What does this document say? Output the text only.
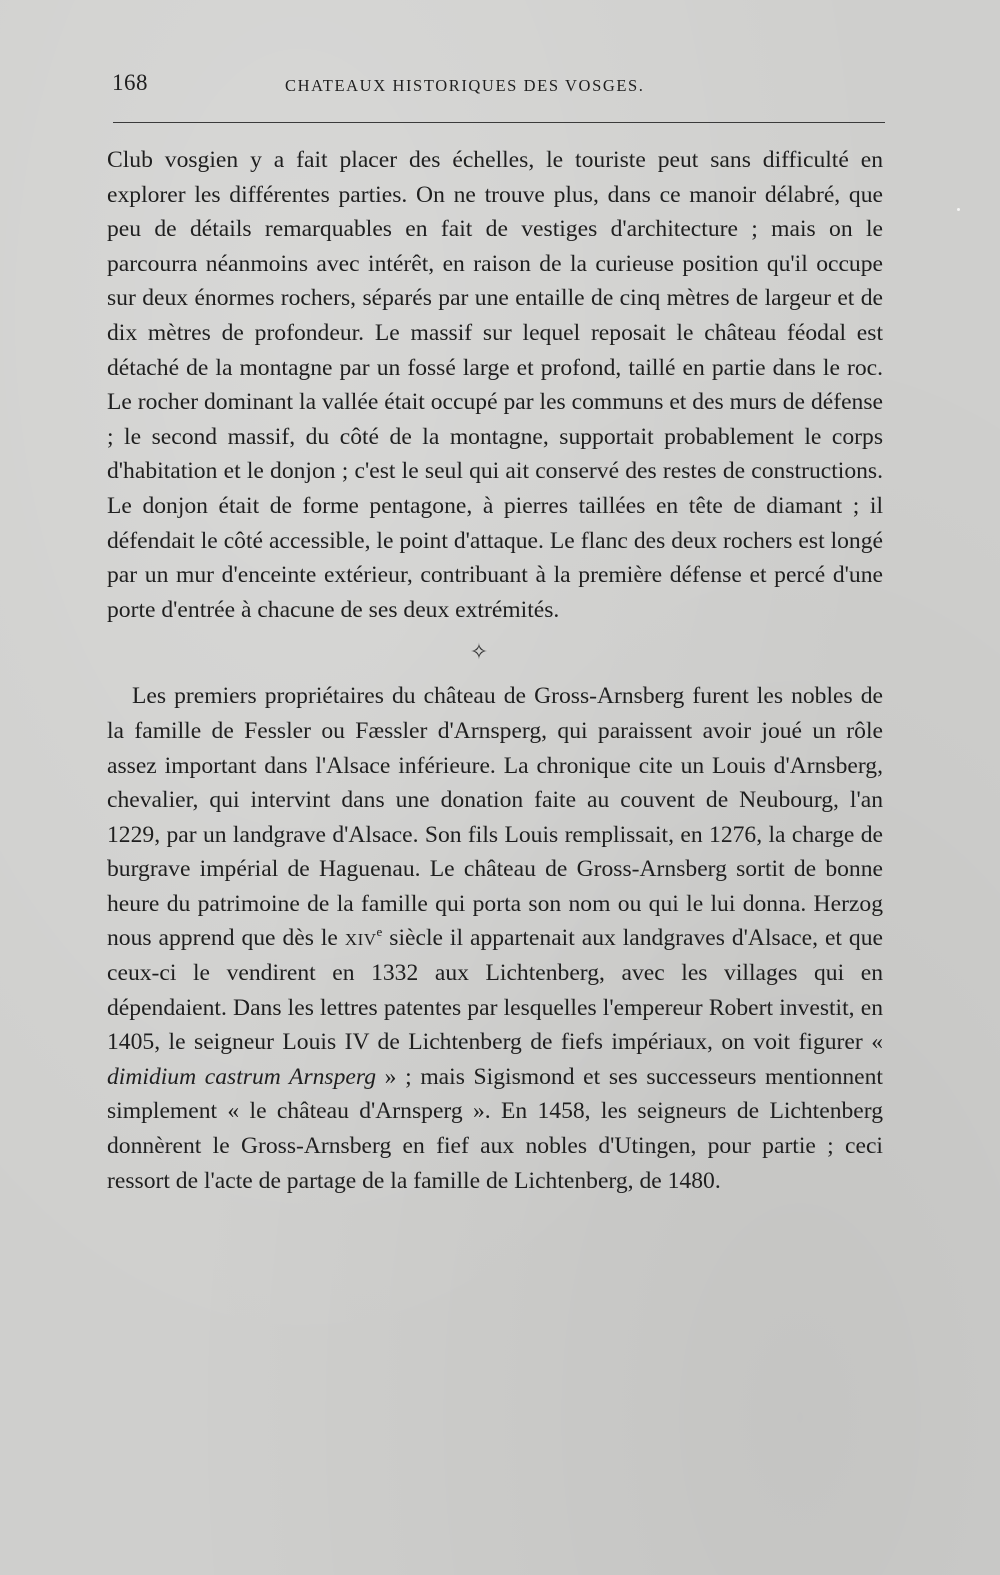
168	CHATEAUX HISTORIQUES DES VOSGES.

Club vosgien y a fait placer des échelles, le touriste peut sans difficulté en explorer les différentes parties. On ne trouve plus, dans ce manoir délabré, que peu de détails remarquables en fait de vestiges d'architecture ; mais on le parcourra néanmoins avec intérêt, en raison de la curieuse position qu'il occupe sur deux énormes rochers, séparés par une entaille de cinq mètres de largeur et de dix mètres de profondeur. Le massif sur lequel reposait le château féodal est détaché de la montagne par un fossé large et profond, taillé en partie dans le roc. Le rocher dominant la vallée était occupé par les communs et des murs de défense ; le second massif, du côté de la montagne, supportait probablement le corps d'habitation et le donjon ; c'est le seul qui ait conservé des restes de constructions. Le donjon était de forme pentagone, à pierres taillées en tête de diamant ; il défendait le côté accessible, le point d'attaque. Le flanc des deux rochers est longé par un mur d'enceinte extérieur, contribuant à la première défense et percé d'une porte d'entrée à chacune de ses deux extrémités.

✧

Les premiers propriétaires du château de Gross-Arnsberg furent les nobles de la famille de Fessler ou Fæssler d'Arnsperg, qui paraissent avoir joué un rôle assez important dans l'Alsace inférieure. La chronique cite un Louis d'Arnsberg, chevalier, qui intervint dans une donation faite au couvent de Neubourg, l'an 1229, par un landgrave d'Alsace. Son fils Louis remplissait, en 1276, la charge de burgrave impérial de Haguenau. Le château de Gross-Arnsberg sortit de bonne heure du patrimoine de la famille qui porta son nom ou qui le lui donna. Herzog nous apprend que dès le xiv$^e$ siècle il appartenait aux landgraves d'Alsace, et que ceux-ci le vendirent en 1332 aux Lichtenberg, avec les villages qui en dépendaient. Dans les lettres patentes par lesquelles l'empereur Robert investit, en 1405, le seigneur Louis IV de Lichtenberg de fiefs impériaux, on voit figurer « dimidium castrum Arnsperg » ; mais Sigismond et ses successeurs mentionnent simplement « le château d'Arnsperg ». En 1458, les seigneurs de Lichtenberg donnèrent le Gross-Arnsberg en fief aux nobles d'Utingen, pour partie ; ceci ressort de l'acte de partage de la famille de Lichtenberg, de 1480.
